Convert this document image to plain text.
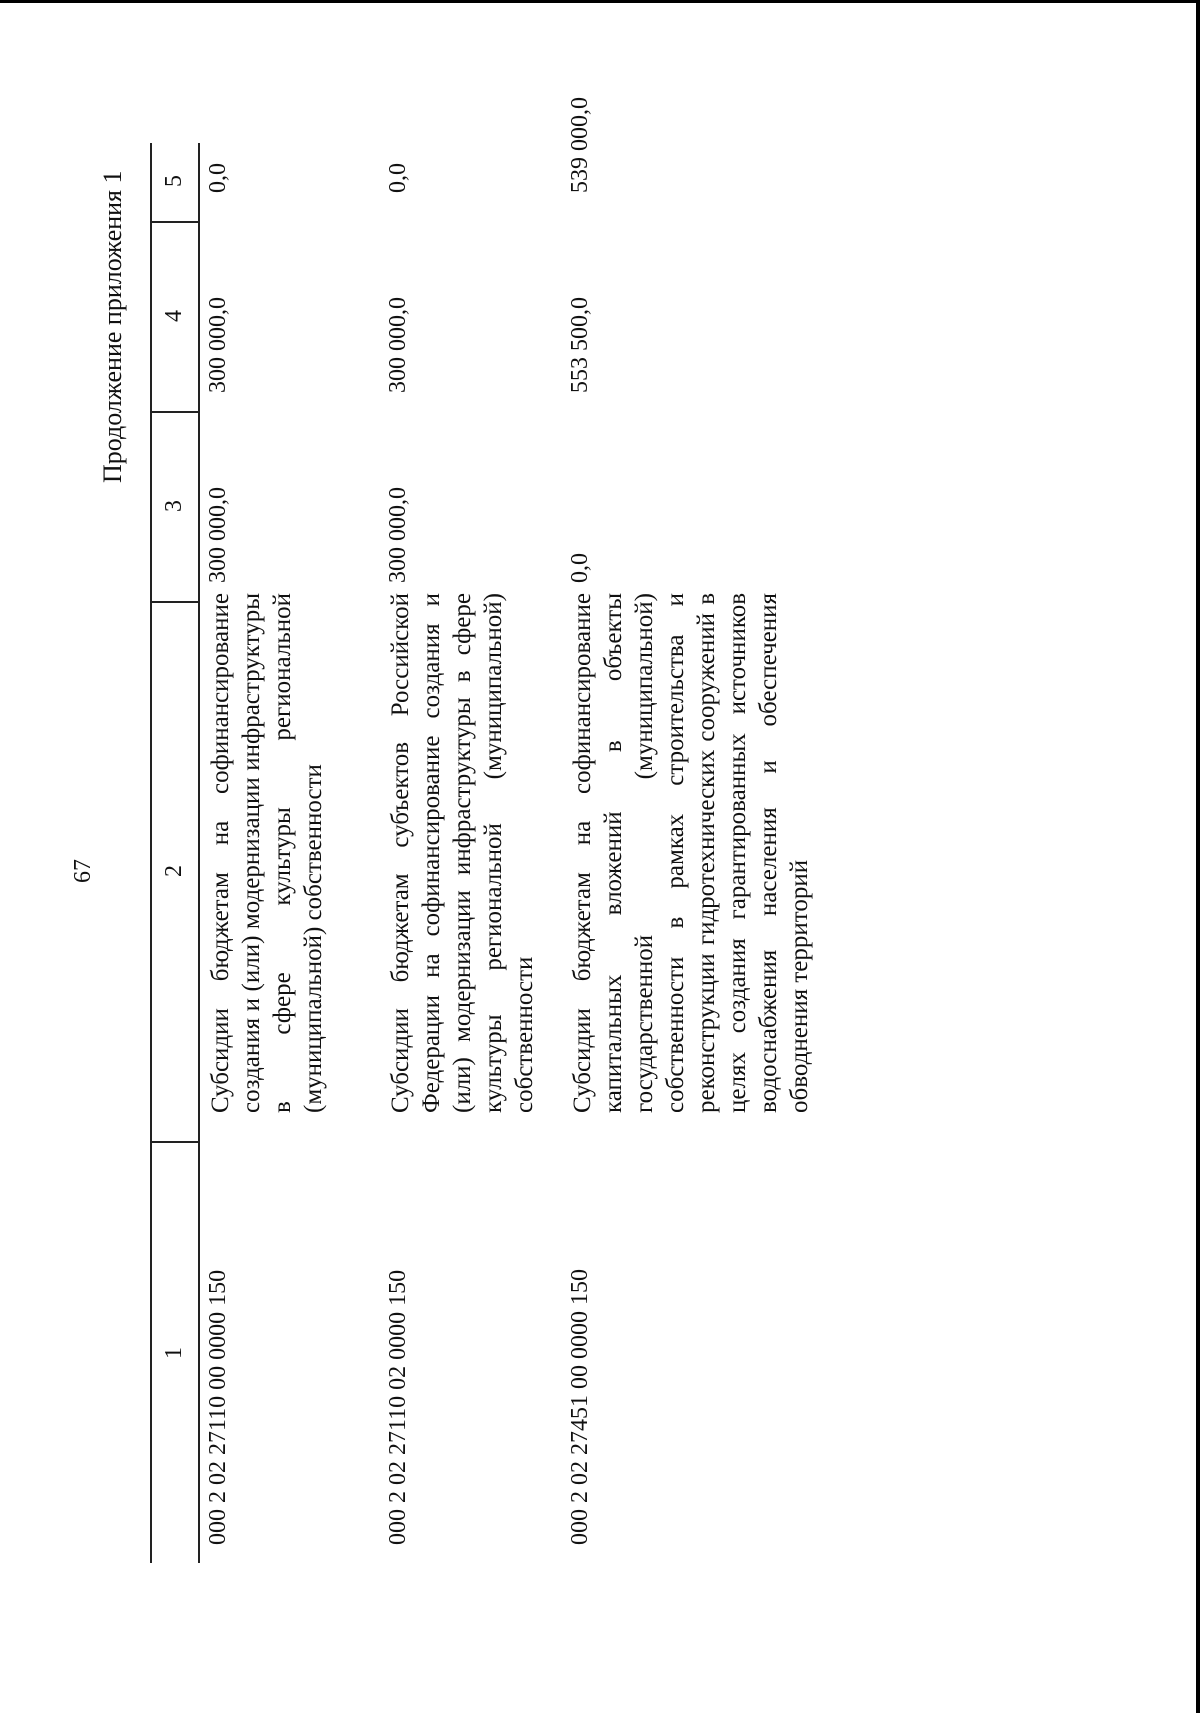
67
Продолжение приложения 1
1
2
3
4
5
000 2 02 27110 00 0000 150
Субсидии бюджетам на софинансирование создания и (или) модернизации инфраструктуры в сфере культуры региональной (муниципальной) собственности
300 000,0
300 000,0
0,0
000 2 02 27110 02 0000 150
Субсидии бюджетам субъектов Российской Федерации на софинансирование создания и (или) модернизации инфраструктуры в сфере культуры региональной (муниципальной) собственности
300 000,0
300 000,0
0,0
000 2 02 27451 00 0000 150
Субсидии бюджетам на софинансирование капитальных вложений в объекты государственной (муниципальной) собственности в рамках строительства и реконструкции гидротехнических сооружений в целях создания гарантированных источников водоснабжения населения и обеспечения обводнения территорий
0,0
553 500,0
539 000,0
